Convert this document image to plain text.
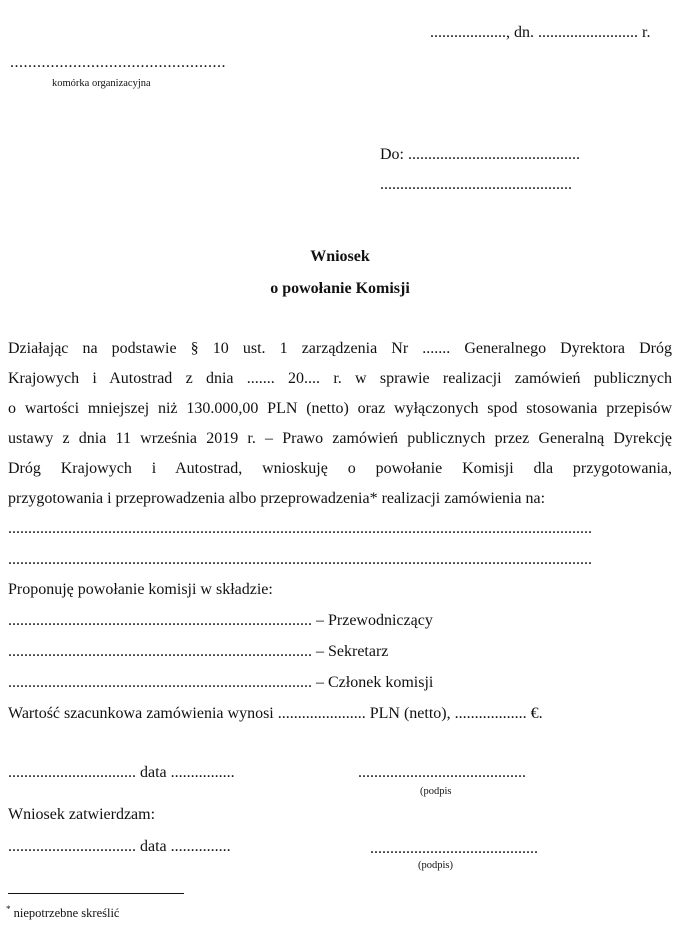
..................., dn. ......................... r.
................................................
komórka organizacyjna
Do: ...........................................
................................................
Wniosek
o powołanie Komisji
Działając na podstawie § 10 ust. 1 zarządzenia Nr ....... Generalnego Dyrektora Dróg
Krajowych i Autostrad z dnia ....... 20.... r. w sprawie realizacji zamówień publicznych
o wartości mniejszej niż 130.000,00 PLN (netto) oraz wyłączonych spod stosowania przepisów
ustawy z dnia 11 września 2019 r. – Prawo zamówień publicznych przez Generalną Dyrekcję
Dróg Krajowych i Autostrad, wnioskuję o powołanie Komisji dla przygotowania,
przygotowania i przeprowadzenia albo przeprowadzenia* realizacji zamówienia na:
..................................................................................................................................................
..................................................................................................................................................
Proponuję powołanie komisji w składzie:
............................................................................ – Przewodniczący
............................................................................ – Sekretarz
............................................................................ – Członek komisji
Wartość szacunkowa zamówienia wynosi ...................... PLN (netto), .................. €.
................................ data ................	..........................................
(podpis
Wniosek zatwierdzam:
................................ data ...............	..........................................
(podpis)
* niepotrzebne skreślić
